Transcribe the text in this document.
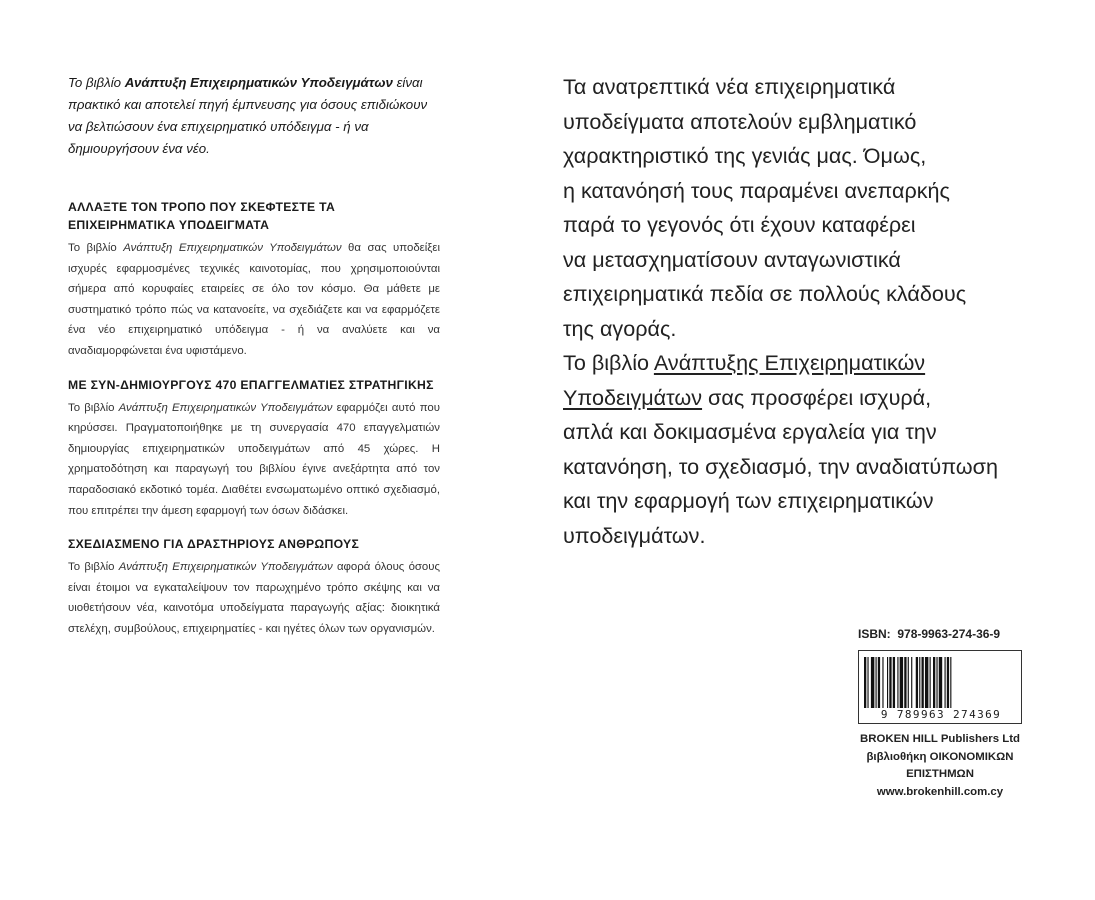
Το βιβλίο Ανάπτυξη Επιχειρηματικών Υποδειγμάτων είναι πρακτικό και αποτελεί πηγή έμπνευσης για όσους επιδιώκουν να βελτιώσουν ένα επιχειρηματικό υπόδειγμα - ή να δημιουργήσουν ένα νέο.

ΑΛΛΑΞΤΕ ΤΟΝ ΤΡΟΠΟ ΠΟΥ ΣΚΕΦΤΕΣΤΕ ΤΑ ΕΠΙΧΕΙΡΗΜΑΤΙΚΑ ΥΠΟΔΕΙΓΜΑΤΑ

Το βιβλίο Ανάπτυξη Επιχειρηματικών Υποδειγμάτων θα σας υποδείξει ισχυρές εφαρμοσμένες τεχνικές καινοτομίας, που χρησιμοποιούνται σήμερα από κορυφαίες εταιρείες σε όλο τον κόσμο. Θα μάθετε με συστηματικό τρόπο πώς να κατανοείτε, να σχεδιάζετε και να εφαρμόζετε ένα νέο επιχειρηματικό υπόδειγμα - ή να αναλύετε και να αναδιαμορφώνεται ένα υφιστάμενο.

ΜΕ ΣΥΝ-ΔΗΜΙΟΥΡΓΟΥΣ 470 ΕΠΑΓΓΕΛΜΑΤΙΕΣ ΣΤΡΑΤΗΓΙΚΗΣ

Το βιβλίο Ανάπτυξη Επιχειρηματικών Υποδειγμάτων εφαρμόζει αυτό που κηρύσσει. Πραγματοποιήθηκε με τη συνεργασία 470 επαγγελματιών δημιουργίας επιχειρηματικών υποδειγμάτων από 45 χώρες. Η χρηματοδότηση και παραγωγή του βιβλίου έγινε ανεξάρτητα από τον παραδοσιακό εκδοτικό τομέα. Διαθέτει ενσωματωμένο οπτικό σχεδιασμό, που επιτρέπει την άμεση εφαρμογή των όσων διδάσκει.

ΣΧΕΔΙΑΣΜΕΝΟ ΓΙΑ ΔΡΑΣΤΗΡΙΟΥΣ ΑΝΘΡΩΠΟΥΣ

Το βιβλίο Ανάπτυξη Επιχειρηματικών Υποδειγμάτων αφορά όλους όσους είναι έτοιμοι να εγκαταλείψουν τον παρωχημένο τρόπο σκέψης και να υιοθετήσουν νέα, καινοτόμα υποδείγματα παραγωγής αξίας: διοικητικά στελέχη, συμβούλους, επιχειρηματίες - και ηγέτες όλων των οργανισμών.

Τα ανατρεπτικά νέα επιχειρηματικά

υποδείγματα αποτελούν εμβληματικό

χαρακτηριστικό της γενιάς μας. Όμως,

η κατανόησή τους παραμένει ανεπαρκής

παρά το γεγονός ότι έχουν καταφέρει

να μετασχηματίσουν ανταγωνιστικά

επιχειρηματικά πεδία σε πολλούς κλάδους

της αγοράς.

Το βιβλίο Ανάπτυξης Επιχειρηματικών

Υποδειγμάτων σας προσφέρει ισχυρά,

απλά και δοκιμασμένα εργαλεία για την

κατανόηση, το σχεδιασμό, την αναδιατύπωση

και την εφαρμογή των επιχειρηματικών

υποδειγμάτων.

ISBN: 978-9963-274-36-9
9 789963 274369
BROKEN HILL Publishers Ltd
βιβλιοθήκη ΟΙΚΟΝΟΜΙΚΩΝ
ΕΠΙΣΤΗΜΩΝ
www.brokenhill.com.cy
